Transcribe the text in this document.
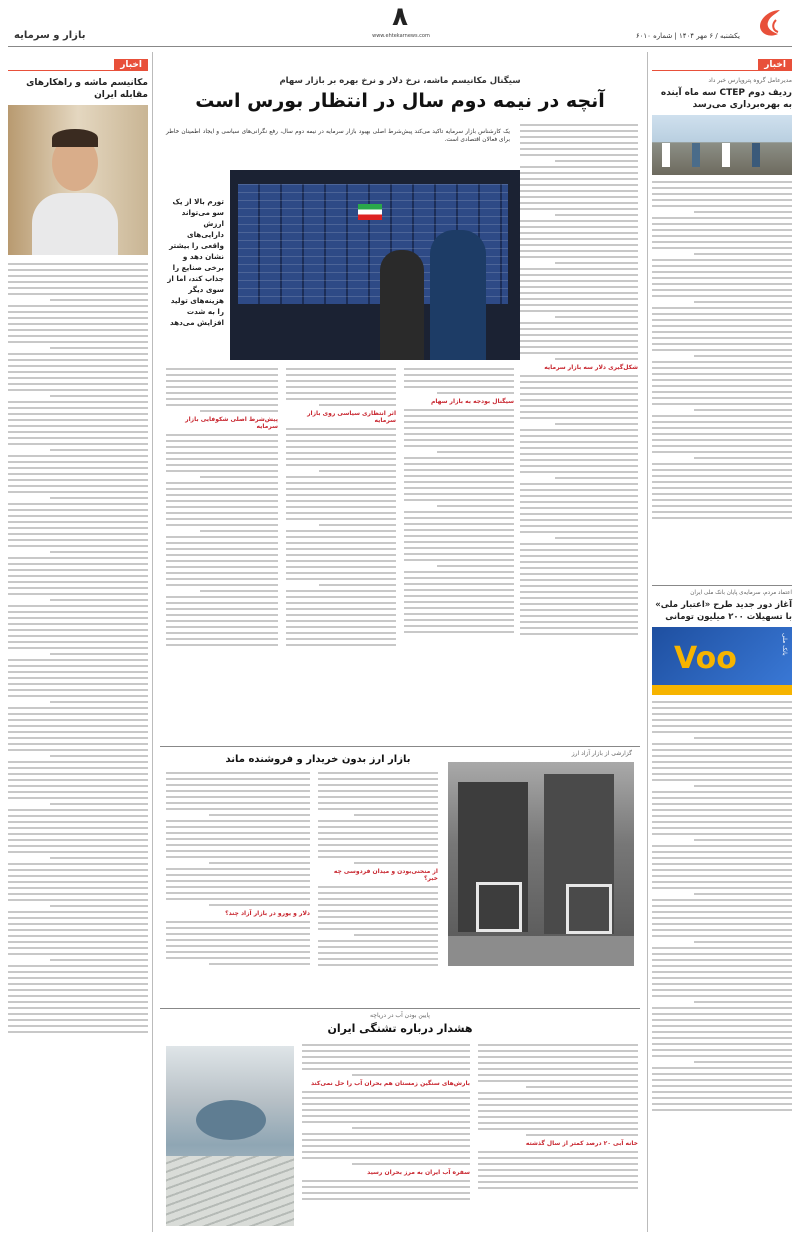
یکشنبه / ۶ مهر ۱۴۰۴ | شماره ۶۰۱۰
۸
www.ehtekarnews.com
بازار و سرمایه
اخبار
مدیرعامل گروه پتروپارس خبر داد
ردیف دوم CTEP سه ماه آینده به بهره‌برداری می‌رسد
اعتماد مردم، سرمایه‌ی پایان بانک ملی ایران
آغاز دور جدید طرح «اعتبار ملی» با تسهیلات ۲۰۰ میلیون تومانی
بانک ملی
Voo
اخبار
مکانیسم ماشه و راهکارهای مقابله ایران
سیگنال مکانیسم ماشه، نرخ دلار و نرخ بهره بر بازار سهام
آنچه در نیمه دوم سال در انتظار بورس است
شکل‌گیری دلار سه بازار سرمایه
یک کارشناس بازار سرمایه تاکید می‌کند پیش‌شرط اصلی بهبود بازار سرمایه در نیمه دوم سال، رفع نگرانی‌های سیاسی و ایجاد اطمینان خاطر برای فعالان اقتصادی است.
تورم بالا از یک سو می‌تواند ارزش دارایی‌های واقعی را بیشتر نشان دهد و برخی صنایع را جذاب کند، اما از سوی دیگر هزینه‌های تولید را به شدت افزایش می‌دهد
سیگنال بودجه به بازار سهام
اثر انتظاری سیاسی روی بازار سرمایه
پیش‌شرط اصلی شکوفایی بازار سرمایه
گزارشی از بازار آزاد ارز
بازار ارز بدون خریدار و فروشنده ماند
از منحنی‌بودن و میدان فردوسی چه خبر؟
دلار و یورو در بازار آزاد چند؟
پایین بودن آب در دریاچه
هشدار درباره تشنگی ایران
خانه آبی ۲۰ درصد کمتر از سال گذشته
بارش‌های سنگین زمستان هم بحران آب را حل نمی‌کند
سفره آب ایران به مرز بحران رسید
